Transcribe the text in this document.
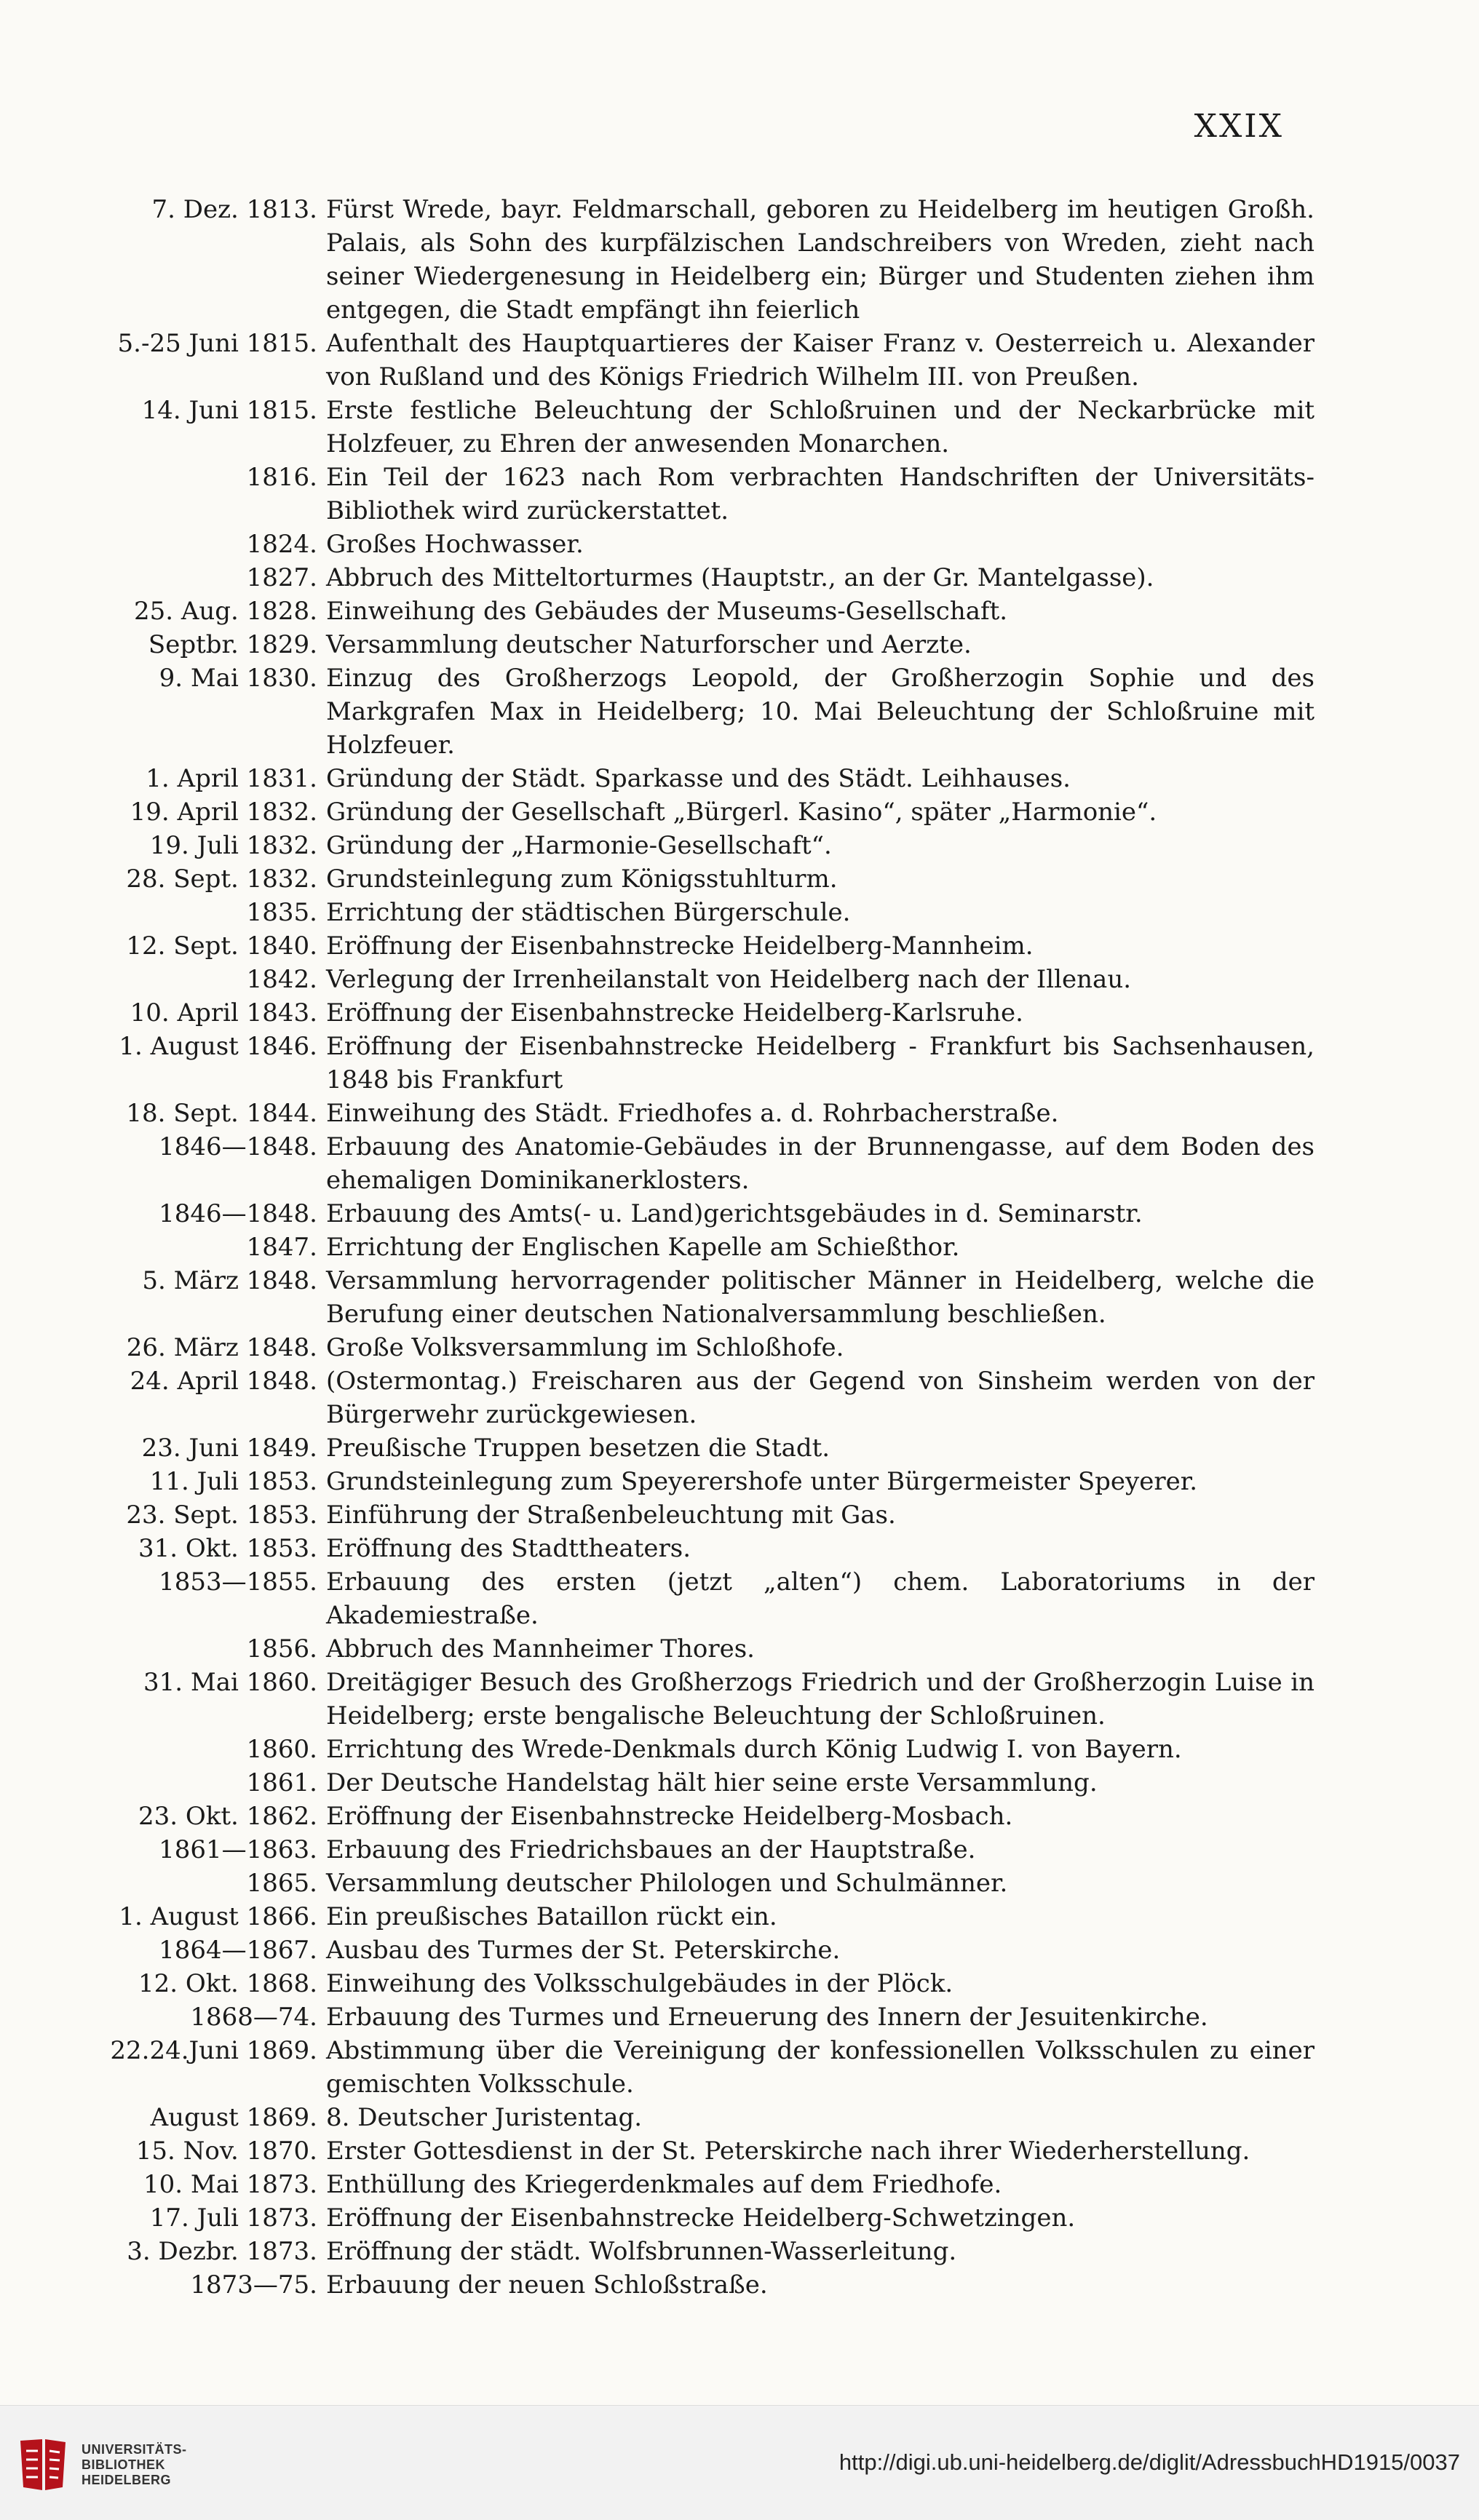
XXIX
7. Dez. 1813. Fürst Wrede, bayr. Feldmarschall, geboren zu Heidelberg im heutigen Großh. Palais, als Sohn des kurpfälzischen Landschreibers von Wreden, zieht nach seiner Wiedergenesung in Heidelberg ein; Bürger und Studenten ziehen ihm entgegen, die Stadt empfängt ihn feierlich
5.-25 Juni 1815. Aufenthalt des Hauptquartieres der Kaiser Franz v. Oesterreich u. Alexander von Rußland und des Königs Friedrich Wilhelm III. von Preußen.
14. Juni 1815. Erste festliche Beleuchtung der Schloßruinen und der Neckarbrücke mit Holzfeuer, zu Ehren der anwesenden Monarchen.
1816. Ein Teil der 1623 nach Rom verbrachten Handschriften der Universitäts-Bibliothek wird zurückerstattet.
1824. Großes Hochwasser.
1827. Abbruch des Mitteltorturmes (Hauptstr., an der Gr. Mantelgasse).
25. Aug. 1828. Einweihung des Gebäudes der Museums-Gesellschaft.
Septbr. 1829. Versammlung deutscher Naturforscher und Aerzte.
9. Mai 1830. Einzug des Großherzogs Leopold, der Großherzogin Sophie und des Markgrafen Max in Heidelberg; 10. Mai Beleuchtung der Schloßruine mit Holzfeuer.
1. April 1831. Gründung der Städt. Sparkasse und des Städt. Leihhauses.
19. April 1832. Gründung der Gesellschaft „Bürgerl. Kasino“, später „Harmonie“.
19. Juli 1832. Gründung der „Harmonie-Gesellschaft“.
28. Sept. 1832. Grundsteinlegung zum Königsstuhlturm.
1835. Errichtung der städtischen Bürgerschule.
12. Sept. 1840. Eröffnung der Eisenbahnstrecke Heidelberg-Mannheim.
1842. Verlegung der Irrenheilanstalt von Heidelberg nach der Illenau.
10. April 1843. Eröffnung der Eisenbahnstrecke Heidelberg-Karlsruhe.
1. August 1846. Eröffnung der Eisenbahnstrecke Heidelberg - Frankfurt bis Sachsenhausen, 1848 bis Frankfurt
18. Sept. 1844. Einweihung des Städt. Friedhofes a. d. Rohrbacherstraße.
1846—1848. Erbauung des Anatomie-Gebäudes in der Brunnengasse, auf dem Boden des ehemaligen Dominikanerklosters.
1846—1848. Erbauung des Amts(- u. Land)gerichtsgebäudes in d. Seminarstr.
1847. Errichtung der Englischen Kapelle am Schießthor.
5. März 1848. Versammlung hervorragender politischer Männer in Heidelberg, welche die Berufung einer deutschen Nationalversammlung beschließen.
26. März 1848. Große Volksversammlung im Schloßhofe.
24. April 1848. (Ostermontag.) Freischaren aus der Gegend von Sinsheim werden von der Bürgerwehr zurückgewiesen.
23. Juni 1849. Preußische Truppen besetzen die Stadt.
11. Juli 1853. Grundsteinlegung zum Speyerershofe unter Bürgermeister Speyerer.
23. Sept. 1853. Einführung der Straßenbeleuchtung mit Gas.
31. Okt. 1853. Eröffnung des Stadttheaters.
1853—1855. Erbauung des ersten (jetzt „alten“) chem. Laboratoriums in der Akademiestraße.
1856. Abbruch des Mannheimer Thores.
31. Mai 1860. Dreitägiger Besuch des Großherzogs Friedrich und der Großherzogin Luise in Heidelberg; erste bengalische Beleuchtung der Schloßruinen.
1860. Errichtung des Wrede-Denkmals durch König Ludwig I. von Bayern.
1861. Der Deutsche Handelstag hält hier seine erste Versammlung.
23. Okt. 1862. Eröffnung der Eisenbahnstrecke Heidelberg-Mosbach.
1861—1863. Erbauung des Friedrichsbaues an der Hauptstraße.
1865. Versammlung deutscher Philologen und Schulmänner.
1. August 1866. Ein preußisches Bataillon rückt ein.
1864—1867. Ausbau des Turmes der St. Peterskirche.
12. Okt. 1868. Einweihung des Volksschulgebäudes in der Plöck.
1868—74. Erbauung des Turmes und Erneuerung des Innern der Jesuitenkirche.
22.24.Juni 1869. Abstimmung über die Vereinigung der konfessionellen Volksschulen zu einer gemischten Volksschule.
August 1869. 8. Deutscher Juristentag.
15. Nov. 1870. Erster Gottesdienst in der St. Peterskirche nach ihrer Wiederherstellung.
10. Mai 1873. Enthüllung des Kriegerdenkmales auf dem Friedhofe.
17. Juli 1873. Eröffnung der Eisenbahnstrecke Heidelberg-Schwetzingen.
3. Dezbr. 1873. Eröffnung der städt. Wolfsbrunnen-Wasserleitung.
1873—75. Erbauung der neuen Schloßstraße.
UNIVERSITÄTS-
BIBLIOTHEK
HEIDELBERG
http://digi.ub.uni-heidelberg.de/diglit/AdressbuchHD1915/0037
